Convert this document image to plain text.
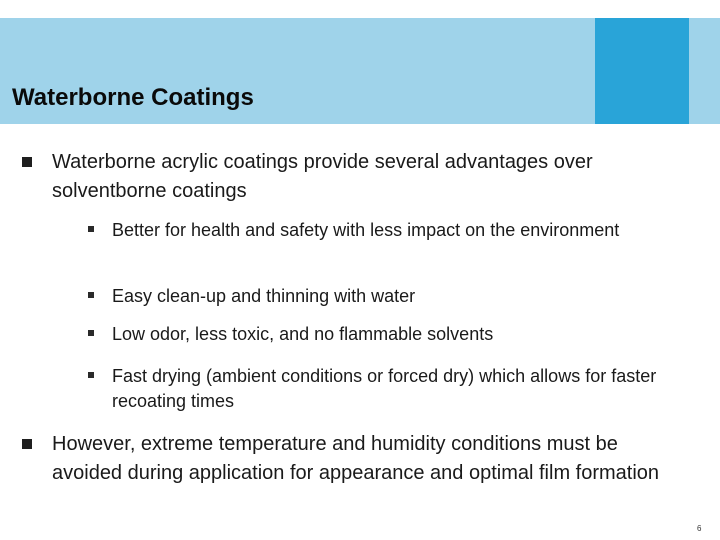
Waterborne Coatings
Waterborne acrylic coatings provide several advantages over solventborne coatings
Better for health and safety with less impact on the environment
Easy clean-up and thinning with water
Low odor, less toxic, and no flammable solvents
Fast drying (ambient conditions or forced dry) which allows for faster recoating times
However, extreme temperature and humidity conditions must be avoided during application for appearance and optimal film formation
6
